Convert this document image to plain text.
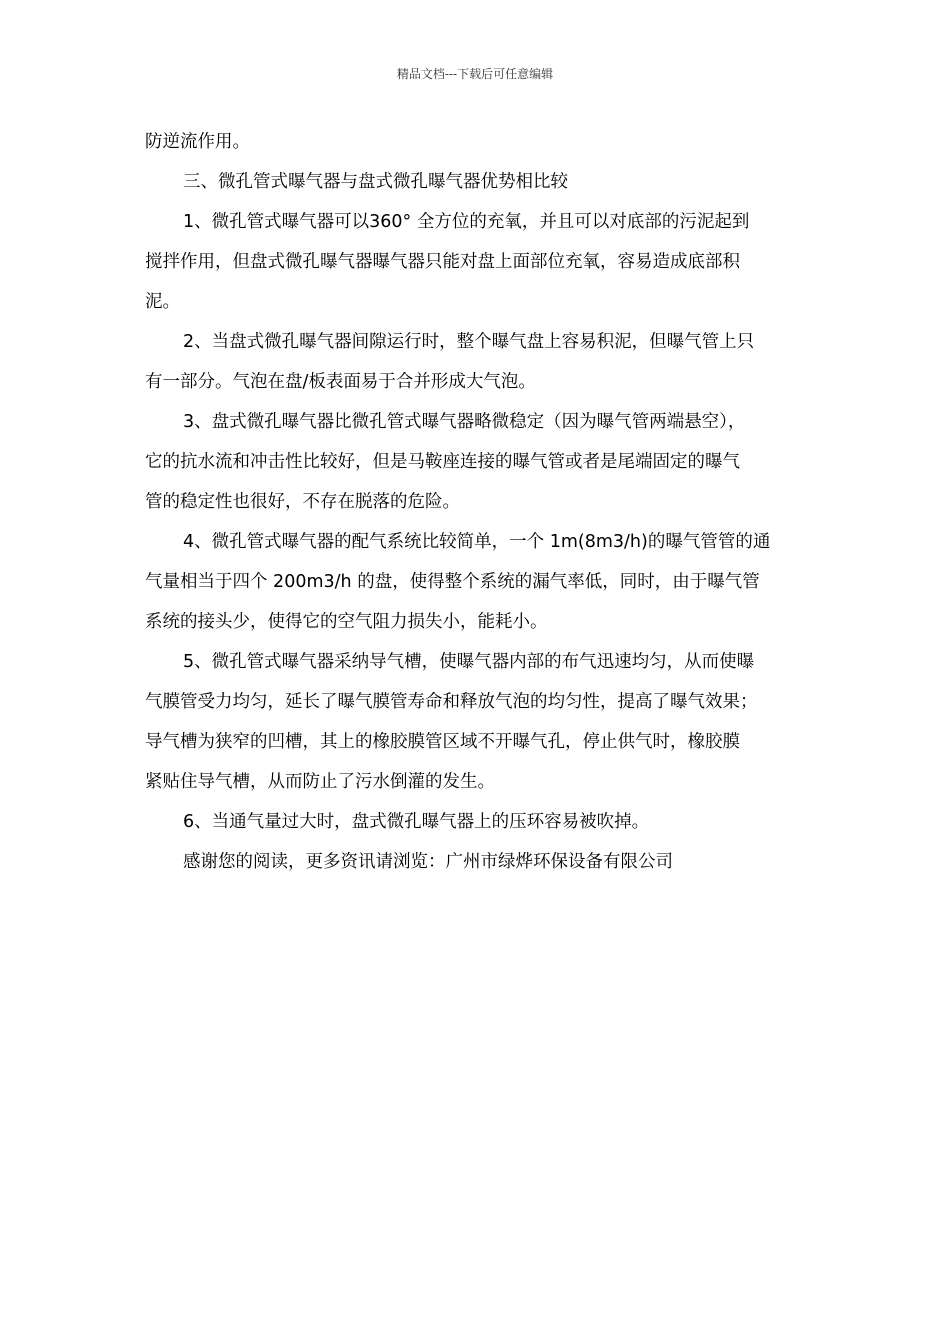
精品文档---下载后可任意编辑
防逆流作用。
三、微孔管式曝气器与盘式微孔曝气器优势相比较
1、微孔管式曝气器可以360° 全方位的充氧，并且可以对底部的污泥起到
搅拌作用，但盘式微孔曝气器曝气器只能对盘上面部位充氧，容易造成底部积
泥。
2、当盘式微孔曝气器间隙运行时，整个曝气盘上容易积泥，但曝气管上只
有一部分。气泡在盘/板表面易于合并形成大气泡。
3、盘式微孔曝气器比微孔管式曝气器略微稳定（因为曝气管两端悬空），
它的抗水流和冲击性比较好，但是马鞍座连接的曝气管或者是尾端固定的曝气
管的稳定性也很好，不存在脱落的危险。
4、微孔管式曝气器的配气系统比较简单，一个 1m(8m3/h)的曝气管管的通
气量相当于四个 200m3/h 的盘，使得整个系统的漏气率低，同时，由于曝气管
系统的接头少，使得它的空气阻力损失小，能耗小。
5、微孔管式曝气器采纳导气槽，使曝气器内部的布气迅速均匀，从而使曝
气膜管受力均匀，延长了曝气膜管寿命和释放气泡的均匀性，提高了曝气效果；
导气槽为狭窄的凹槽，其上的橡胶膜管区域不开曝气孔，停止供气时，橡胶膜
紧贴住导气槽，从而防止了污水倒灌的发生。
6、当通气量过大时，盘式微孔曝气器上的压环容易被吹掉。
感谢您的阅读，更多资讯请浏览：广州市绿烨环保设备有限公司
